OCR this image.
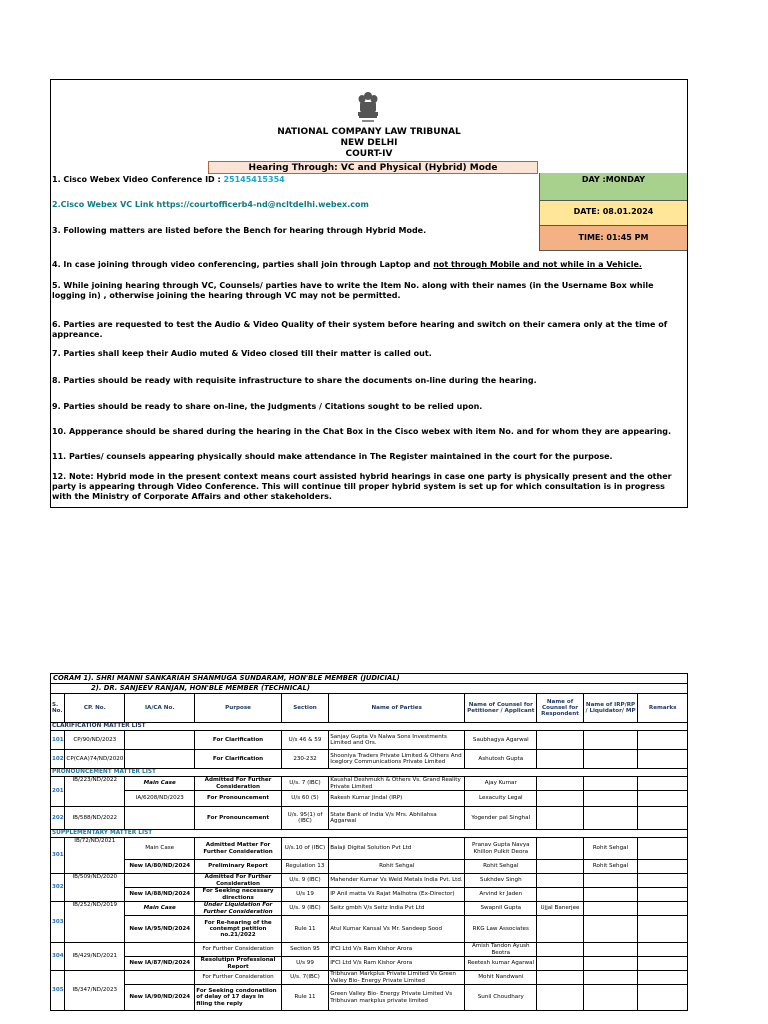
NATIONAL COMPANY LAW TRIBUNAL
NEW DELHI
COURT-IV
Hearing Through: VC and Physical (Hybrid) Mode
1. Cisco Webex Video Conference ID : 25145415354	DAY :MONDAY
2.Cisco Webex VC Link https://courtofficerb4-nd@ncltdelhi.webex.com
DATE: 08.01.2024
3. Following matters are listed before the Bench for hearing through Hybrid Mode.
TIME: 01:45 PM
4. In case joining through video conferencing, parties shall join through Laptop and not through Mobile and not while in a Vehicle.
5. While joining hearing through VC, Counsels/ parties have to write the Item No. along with their names (in the Username Box while logging in) , otherwise joining the hearing through VC may not be permitted.
6. Parties are requested to test the Audio & Video Quality of their system before hearing and switch on their camera only at the time of appreance.
7. Parties shall keep their Audio muted & Video closed till their matter is called out.
8. Parties should be ready with requisite infrastructure to share the documents on-line during the hearing.
9. Parties should be ready to share on-line, the Judgments / Citations sought to be relied upon.
10. Appperance should be shared during the hearing in the Chat Box in the Cisco webex with item No. and for whom they are appearing.
11. Parties/ counsels appearing physically should make attendance in The Register maintained in the court for the purpose.
12. Note: Hybrid mode in the present context means court assisted hybrid hearings in case one party is physically present and the other party is appearing through Video Conference. This will continue till proper hybrid system is set up for which consultation is in progress with the Ministry of Corporate Affairs and other stakeholders.
CORAM 1). SHRI MANNI SANKARIAH SHANMUGA SUNDARAM, HON'BLE MEMBER (JUDICIAL)									
2). DR. SANJEEV RANJAN, HON'BLE MEMBER (TECHNICAL)									
S. No.	CP. No.	IA/CA No.	Purpose	Section	Name of Parties	Name of Counsel for Petitioner / Applicant	Name of Counsel for Respondent	Name of IRP/RP / Liquidator/ MP	Remarks
CLARIFICATION MATTER LIST									
101	CP/90/ND/2023		For Clarification	U/s 46 & 59	Sanjay Gupta Vs Nalwa Sons Investments Limited and Ors.	Saubhagya Agarwal			
102	CP(CAA)74/ND/2020		For Clarification	230-232	Shooniya Traders Private Limited & Others And Iceglory Communications Private Limited	Ashutosh Gupta			
PRONOUNCEMENT MATTER LIST									
201	IB/223/ND/2022	Main Case	Admitted For Further Consideration	U/s. 7 (IBC)	Kaushal Deshmukh & Others Vs. Grand Reality Private Limited	Ajay Kumar			
		IA/6208/ND/2023	For Pronouncement	U/s 60 (5)	Rakesh Kumar Jindal (IRP)	Lexacuity Legal			
202	IB/588/ND/2022		For Pronouncement	U/s. 95(1) of (IBC)	State Bank of India V/s Mrs. Abhilahsa Aggarwal	Yogender pal Singhal			
SUPPLEMENTARY MATTER LIST									
301	IB/72/ND/2021	Main Case	Admitted Matter For Further Consideration	U/s.10 of (IBC)	Balaji Digital Solution Pvt Ltd	Pranav Gupta Navya Khillon Pulkit Deora		Rohit Sehgal	
		New IA/80/ND/2024	Preliminary Report	Regulation 13	Rohit Sehgal	Rohit Sehgal		Rohit Sehgal	
302	IB/509/ND/2020		Admitted For Further Consideration	U/s. 9 (IBC)	Mahender Kumar Vs Weld Metals India Pvt. Ltd.	Sukhdev Singh			
		New IA/88/ND/2024	For Seeking necessary directions	U/s 19	IP Anil matta Vs Rajat Malhotra (Ex-Director)	Arvind kr Jaden			
303	IB/252/ND/2019	Main Case	Under Liquidation For Further Consideration	U/s. 9 (IBC)	Seitz gmbh V/s Seitz India Pvt Ltd	Swapnil Gupta	Ujjal Banerjee		
		New IA/95/ND/2024	For Re-hearing of the contempt petition no.21/2022	Rule 11	Atul Kumar Kansal Vs Mr. Sandeep Sood	RKG Law Associates			
304	IB/429/ND/2021		For Further Consideration	Section 95	IFCI Ltd V/s Ram Kishor Arora	Amish Tandon Ayush Beotra			
		New IA/87/ND/2024	Resolutipn Professional Report	U/s 99	IFCI Ltd V/s Ram Kishor Arora	Reetesh kumar Agarwal			
305	IB/347/ND/2023		For Further Consideration	U/s. 7(IBC)	Tribhuvan Markplus Private Limited Vs Green Valley Bio- Energy Private Limited	Mohit Nandwani			
		New IA/90/ND/2024	For Seeking condonatiion of delay of 17 days in filing the reply	Rule 11	Green Valley Bio- Energy Private Limited Vs Tribhuvan markplus private limited	Sunil Choudhary			
